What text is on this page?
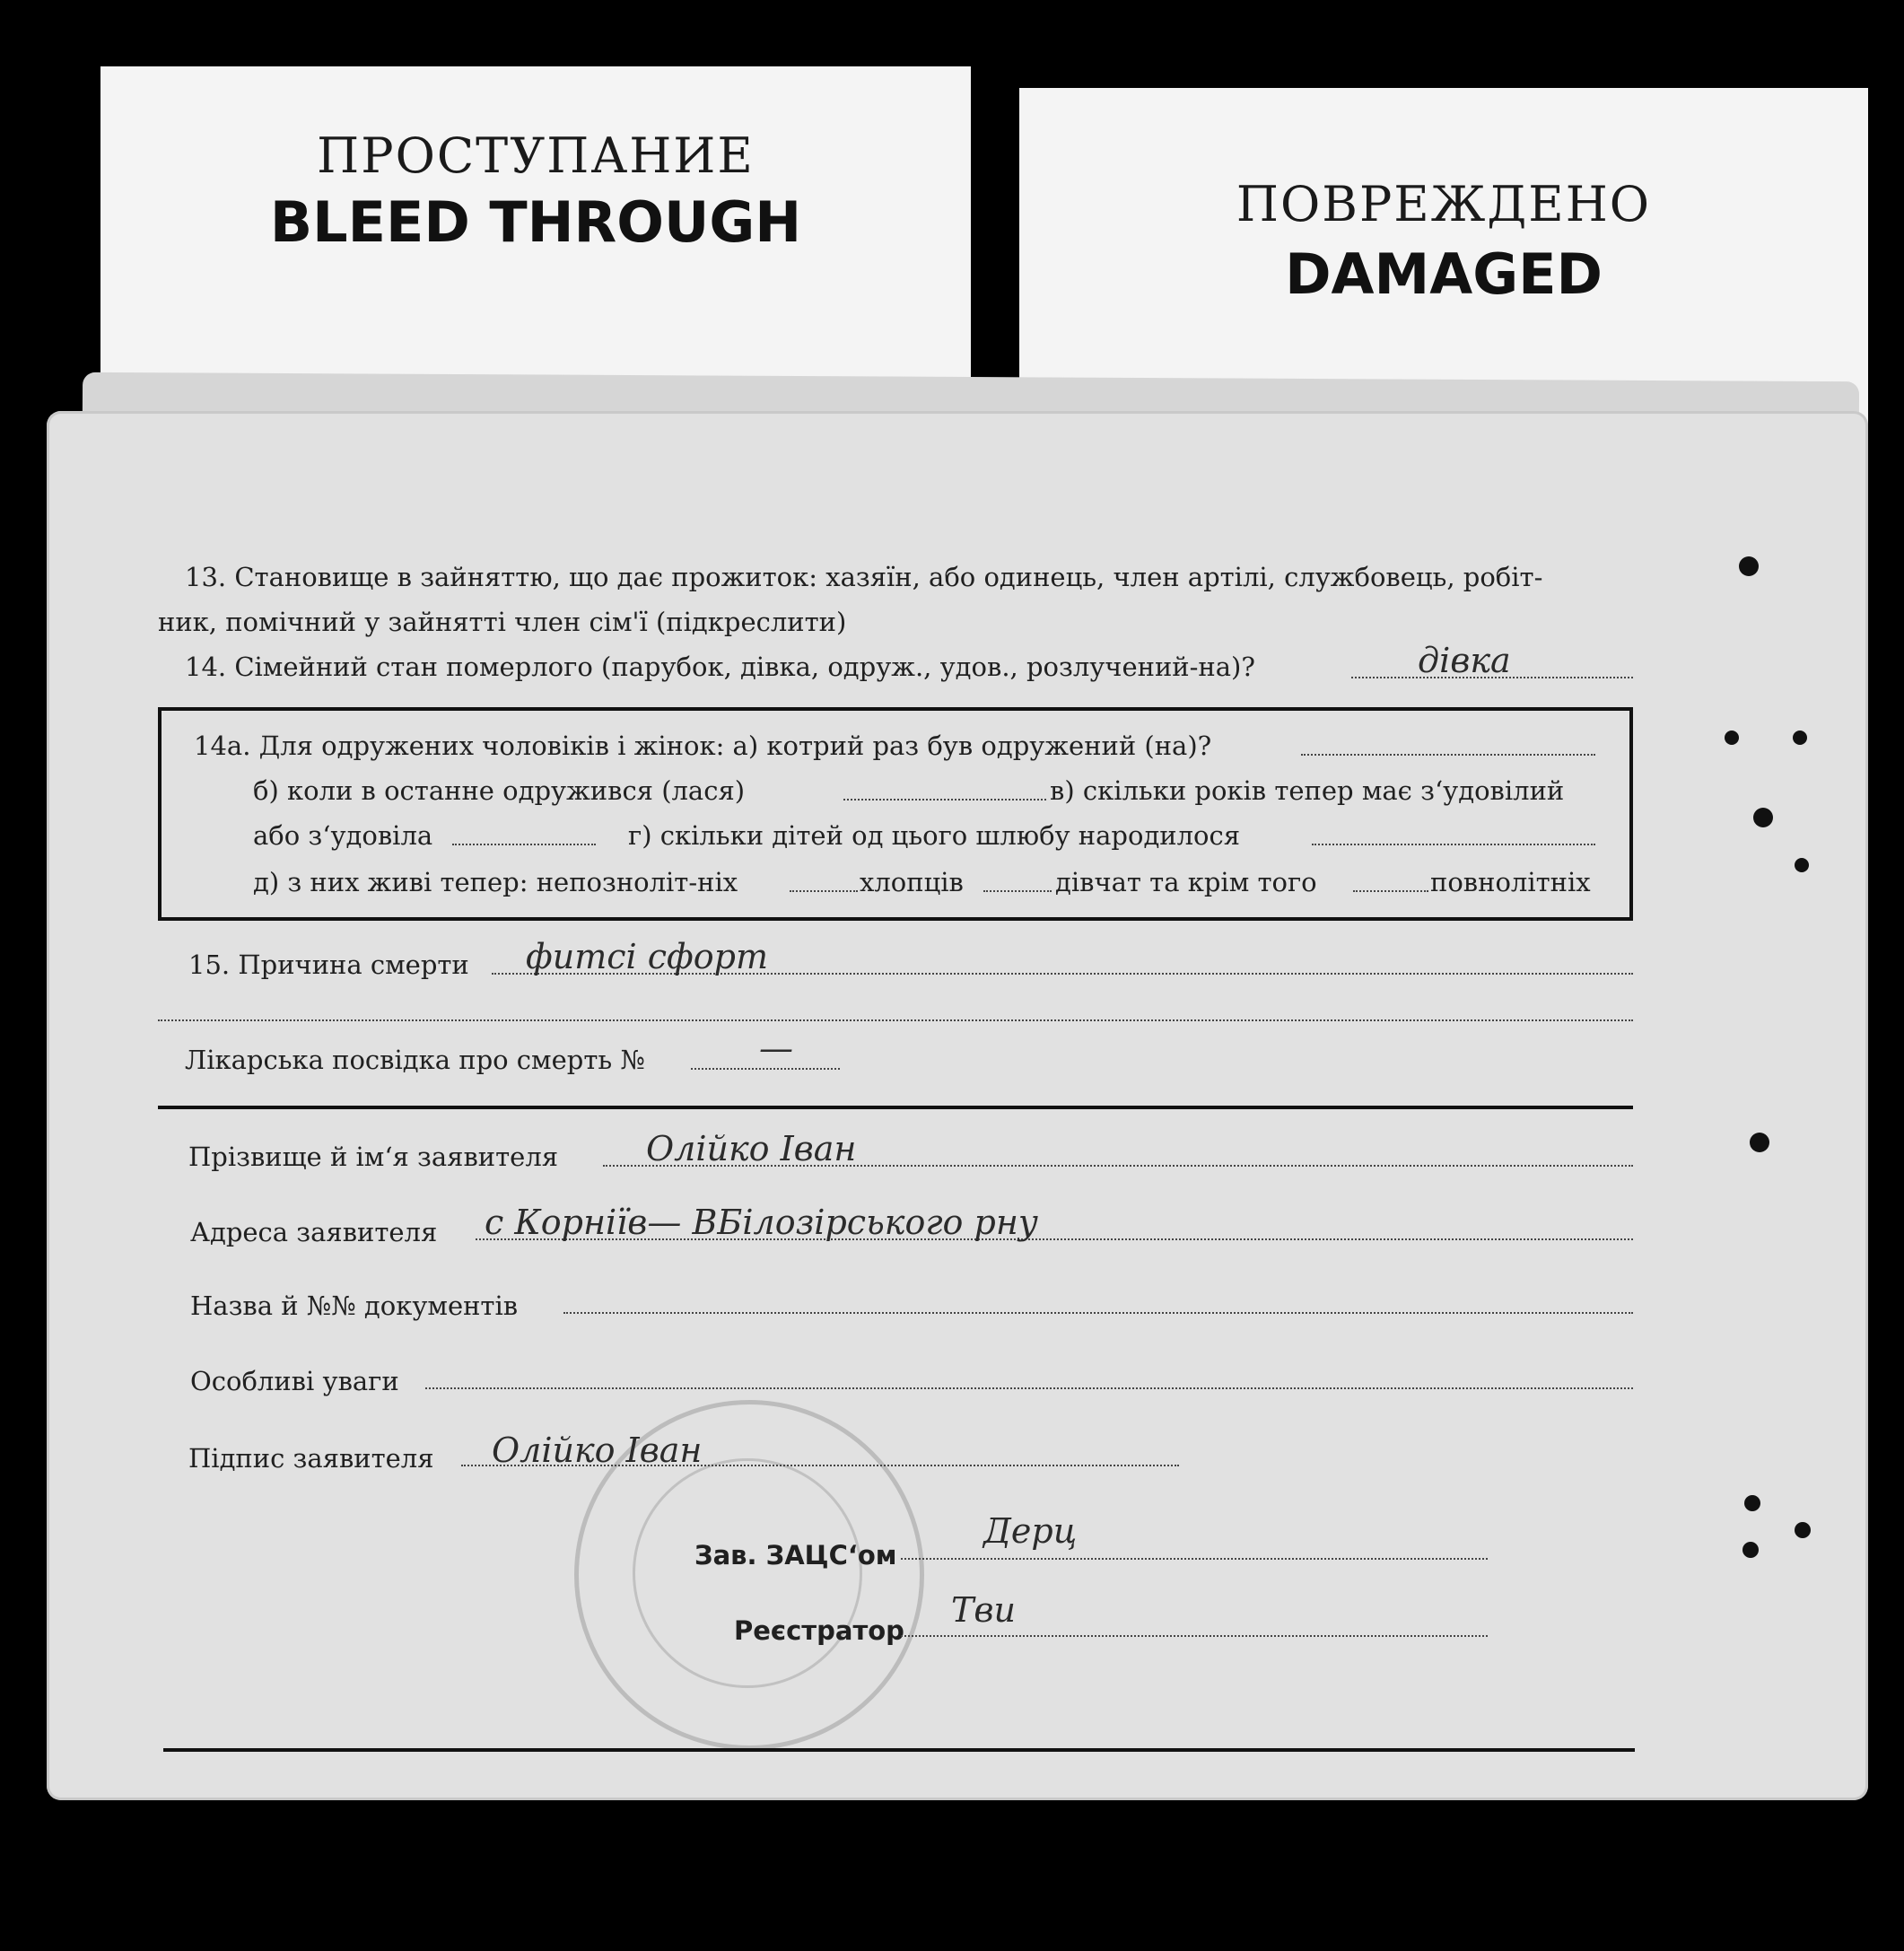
ПРОСТУПАНИЕ
BLEED THROUGH	ПОВРЕЖДЕНО
DAMAGED
13. Становище в зайняттю, що дає прожиток: хазяїн, або одинець, член артілі, службовець, робіт-
ник, помічний у зайнятті член сім'ї (підкреслити)
14. Сімейний стан померлого (парубок, дівка, одруж., удов., розлучений-на)?	дівка
14а. Для одружених чоловіків і жінок: а) котрий раз був одружений (на)?
б) коли в останне одружився (лася)	в) скільки років тепер має з‘удовілий
або з‘удовіла	г) скільки дітей од цього шлюбу народилося
д) з них живі тепер: непозноліт-ніх	хлопців	дівчат та крім того	повнолітніх
15. Причина смерти фитсі сфорт
Лікарська посвідка про смерть №	—
Прізвище й ім‘я заявителя	Олійко Іван
Адреса заявителя с Корніїв— ВБілозірського рну
Назва й №№ документів
Особливі уваги
Підпис заявителя Олійко Іван
Зав. ЗАЦС‘ом
Дерц
Реєстратор
Тви
